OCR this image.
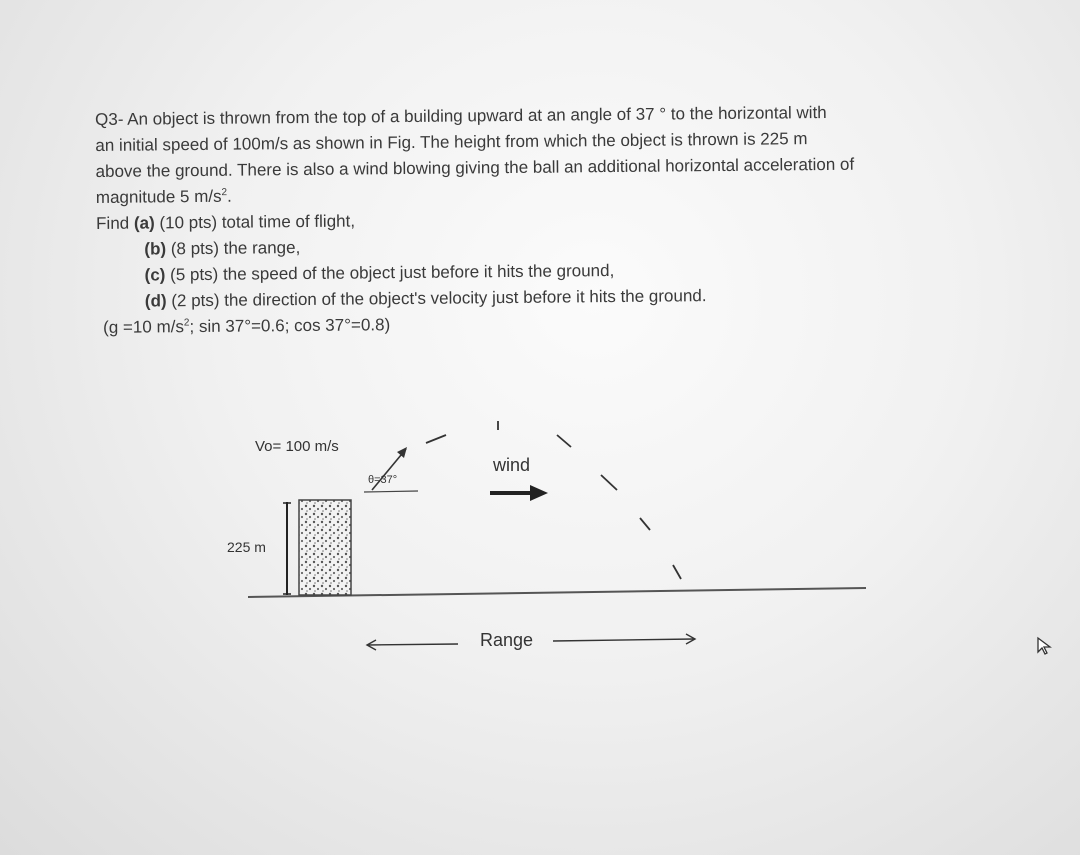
Q3- An object is thrown from the top of a building upward at an angle of 37 ° to the horizontal with
an initial speed of 100m/s as shown in Fig. The height from which the object is thrown is 225 m
above the ground. There is also a wind blowing giving the ball an additional horizontal acceleration of
magnitude 5 $m/s^2$.
Find (a) (10 pts) total time of flight,
(b) (8 pts) the range,
(c) (5 pts) the speed of the object just before it hits the ground,
(d) (2 pts) the direction of the object's velocity just before it hits the ground.
(g =10 $m/s^2$; sin 37°=0.6; cos 37°=0.8)
Vo= 100 m/s
θ=37°
wind
225 m
Range
